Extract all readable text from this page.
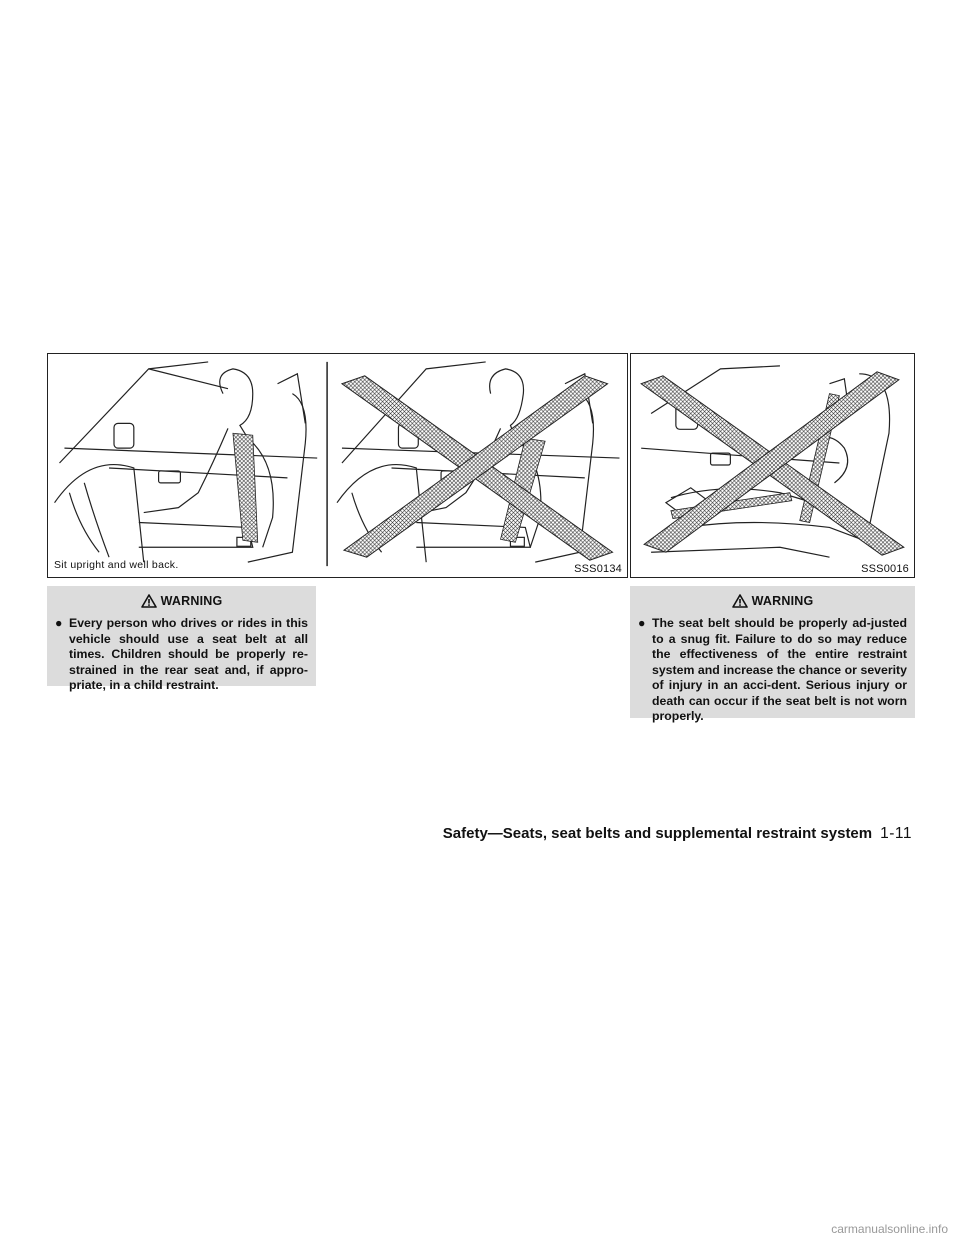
Sit upright and well back.	SSS0134	SSS0016
WARNING
● Every person who drives or rides in this vehicle should use a seat belt at all times. Children should be properly re-strained in the rear seat and, if appro-priate, in a child restraint.
WARNING
● The seat belt should be properly ad-justed to a snug fit. Failure to do so may reduce the effectiveness of the entire restraint system and increase the chance or severity of injury in an acci-dent. Serious injury or death can occur if the seat belt is not worn properly.
Safety—Seats, seat belts and supplemental restraint system 1-11
carmanualsonline.info
